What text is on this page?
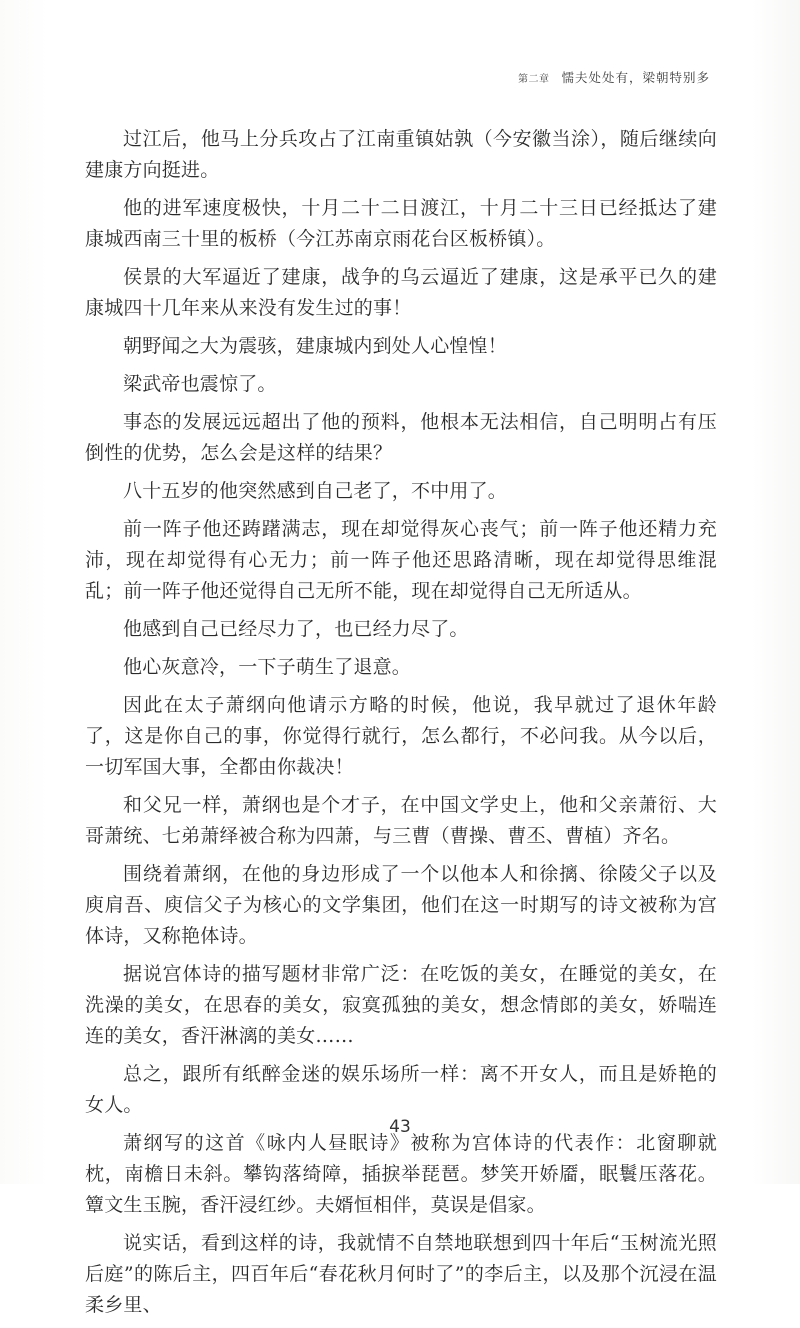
第二章 懦夫处处有，梁朝特别多

过江后，他马上分兵攻占了江南重镇姑孰（今安徽当涂），随后继续向建康方向挺进。

他的进军速度极快，十月二十二日渡江，十月二十三日已经抵达了建康城西南三十里的板桥（今江苏南京雨花台区板桥镇）。

侯景的大军逼近了建康，战争的乌云逼近了建康，这是承平已久的建康城四十几年来从来没有发生过的事！

朝野闻之大为震骇，建康城内到处人心惶惶！

梁武帝也震惊了。

事态的发展远远超出了他的预料，他根本无法相信，自己明明占有压倒性的优势，怎么会是这样的结果？

八十五岁的他突然感到自己老了，不中用了。

前一阵子他还踌躇满志，现在却觉得灰心丧气；前一阵子他还精力充沛，现在却觉得有心无力；前一阵子他还思路清晰，现在却觉得思维混乱；前一阵子他还觉得自己无所不能，现在却觉得自己无所适从。

他感到自己已经尽力了，也已经力尽了。

他心灰意冷，一下子萌生了退意。

因此在太子萧纲向他请示方略的时候，他说，我早就过了退休年龄了，这是你自己的事，你觉得行就行，怎么都行，不必问我。从今以后，一切军国大事，全都由你裁决！

和父兄一样，萧纲也是个才子，在中国文学史上，他和父亲萧衍、大哥萧统、七弟萧绎被合称为四萧，与三曹（曹操、曹丕、曹植）齐名。

围绕着萧纲，在他的身边形成了一个以他本人和徐摛、徐陵父子以及庾肩吾、庾信父子为核心的文学集团，他们在这一时期写的诗文被称为宫体诗，又称艳体诗。

据说宫体诗的描写题材非常广泛：在吃饭的美女，在睡觉的美女，在洗澡的美女，在思春的美女，寂寞孤独的美女，想念情郎的美女，娇喘连连的美女，香汗淋漓的美女……

总之，跟所有纸醉金迷的娱乐场所一样：离不开女人，而且是娇艳的女人。

萧纲写的这首《咏内人昼眠诗》被称为宫体诗的代表作：北窗聊就枕，南檐日未斜。攀钩落绮障，插捩举琵琶。梦笑开娇靥，眠鬟压落花。簟文生玉腕，香汗浸红纱。夫婿恒相伴，莫误是倡家。

说实话，看到这样的诗，我就情不自禁地联想到四十年后“玉树流光照后庭”的陈后主，四百年后“春花秋月何时了”的李后主，以及那个沉浸在温柔乡里、

43
